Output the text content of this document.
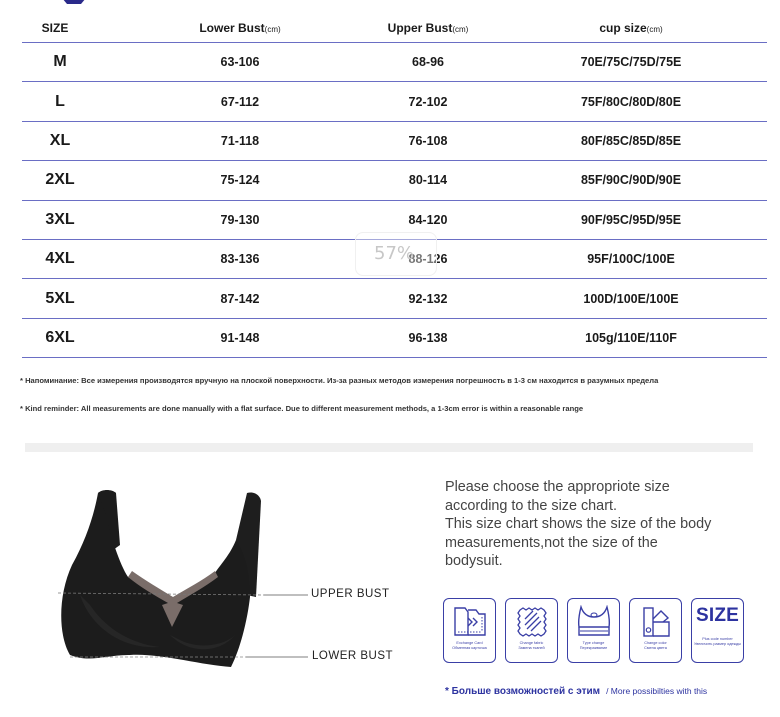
SIZE	Lower Bust(cm)	Upper Bust(cm)	cup size(cm)
M	63-106	68-96	70E/75C/75D/75E
L	67-112	72-102	75F/80C/80D/80E
XL	71-118	76-108	80F/85C/85D/85E
2XL	75-124	80-114	85F/90C/90D/90E
3XL	79-130	84-120	90F/95C/95D/95E
4XL	83-136	88-126	95F/100C/100E
5XL	87-142	92-132	100D/100E/100E
6XL	91-148	96-138	105g/110E/110F
57%
* Напоминание: Все измерения производятся вручную на плоской поверхности. Из-за разных методов измерения погрешность в 1-3 см находится в разумных предела
* Kind reminder: All measurements are done manually with a flat surface. Due to different measurement methods, a 1-3cm error is within a reasonable range
UPPER BUST
LOWER BUST

Please choose the appropriote size

according to the size chart.

This size chart shows the size of the body

measurements,not the size of the

bodysuit.

Exchange Card
Обменная карточка
Change fabric
Замена тканей
Type change
Перекраивание
Change color
Смена цвета
SIZE
Plus code number
Увеличить размер одежды
* Больше возможностей с этим / More possibilties with this
